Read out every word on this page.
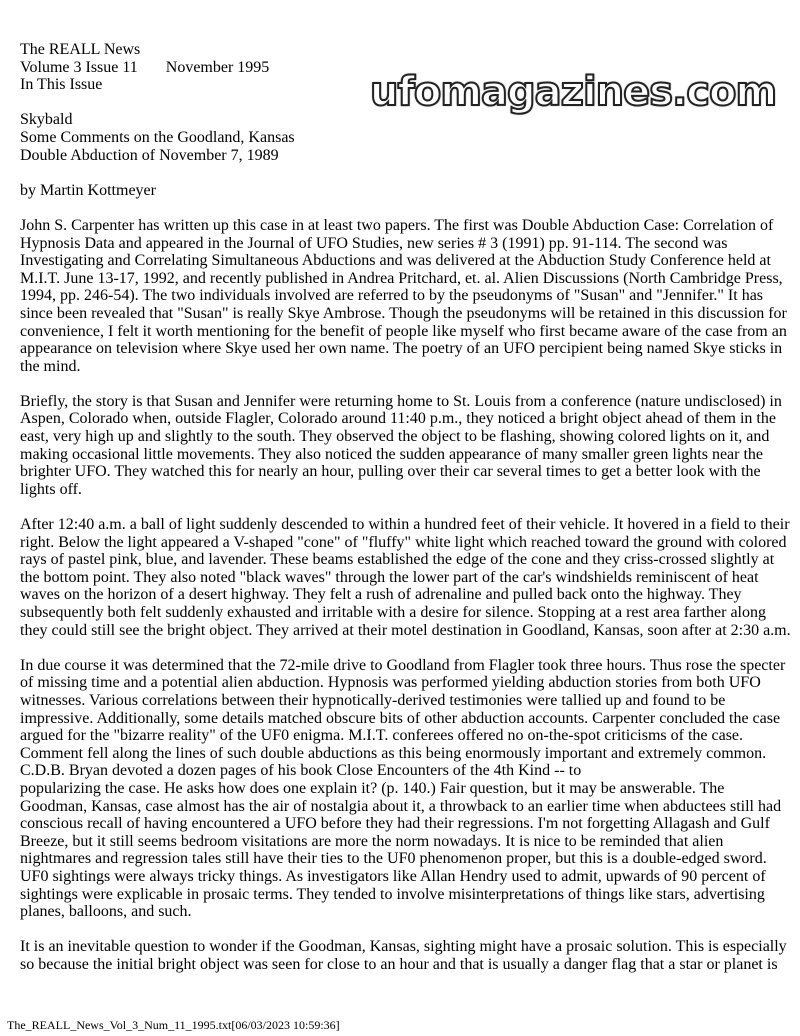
The REALL News
Volume 3 Issue 11       November 1995
In This Issue
Skybald
Some Comments on the Goodland, Kansas
Double Abduction of November 7, 1989
by Martin Kottmeyer
John S. Carpenter has written up this case in at least two papers. The first was Double Abduction Case: Correlation of
Hypnosis Data and appeared in the Journal of UFO Studies, new series # 3 (1991) pp. 91-114. The second was
Investigating and Correlating Simultaneous Abductions and was delivered at the Abduction Study Conference held at
M.I.T. June 13-17, 1992, and recently published in Andrea Pritchard, et. al. Alien Discussions (North Cambridge Press,
1994, pp. 246-54). The two individuals involved are referred to by the pseudonyms of "Susan" and "Jennifer." It has
since been revealed that "Susan" is really Skye Ambrose. Though the pseudonyms will be retained in this discussion for
convenience, I felt it worth mentioning for the benefit of people like myself who first became aware of the case from an
appearance on television where Skye used her own name. The poetry of an UFO percipient being named Skye sticks in
the mind.
Briefly, the story is that Susan and Jennifer were returning home to St. Louis from a conference (nature undisclosed) in
Aspen, Colorado when, outside Flagler, Colorado around 11:40 p.m., they noticed a bright object ahead of them in the
east, very high up and slightly to the south. They observed the object to be flashing, showing colored lights on it, and
making occasional little movements. They also noticed the sudden appearance of many smaller green lights near the
brighter UFO. They watched this for nearly an hour, pulling over their car several times to get a better look with the
lights off.
After 12:40 a.m. a ball of light suddenly descended to within a hundred feet of their vehicle. It hovered in a field to their
right. Below the light appeared a V-shaped "cone" of "fluffy" white light which reached toward the ground with colored
rays of pastel pink, blue, and lavender. These beams established the edge of the cone and they criss-crossed slightly at
the bottom point. They also noted "black waves" through the lower part of the car's windshields reminiscent of heat
waves on the horizon of a desert highway. They felt a rush of adrenaline and pulled back onto the highway. They
subsequently both felt suddenly exhausted and irritable with a desire for silence. Stopping at a rest area farther along
they could still see the bright object. They arrived at their motel destination in Goodland, Kansas, soon after at 2:30 a.m.
In due course it was determined that the 72-mile drive to Goodland from Flagler took three hours. Thus rose the specter
of missing time and a potential alien abduction. Hypnosis was performed yielding abduction stories from both UFO
witnesses. Various correlations between their hypnotically-derived testimonies were tallied up and found to be
impressive. Additionally, some details matched obscure bits of other abduction accounts. Carpenter concluded the case
argued for the "bizarre reality" of the UF0 enigma. M.I.T. conferees offered no on-the-spot criticisms of the case.
Comment fell along the lines of such double abductions as this being enormously important and extremely common.
C.D.B. Bryan devoted a dozen pages of his book Close Encounters of the 4th Kind -- to
popularizing the case. He asks how does one explain it? (p. 140.) Fair question, but it may be answerable. The
Goodman, Kansas, case almost has the air of nostalgia about it, a throwback to an earlier time when abductees still had
conscious recall of having encountered a UFO before they had their regressions. I'm not forgetting Allagash and Gulf
Breeze, but it still seems bedroom visitations are more the norm nowadays. It is nice to be reminded that alien
nightmares and regression tales still have their ties to the UF0 phenomenon proper, but this is a double-edged sword.
UF0 sightings were always tricky things. As investigators like Allan Hendry used to admit, upwards of 90 percent of
sightings were explicable in prosaic terms. They tended to involve misinterpretations of things like stars, advertising
planes, balloons, and such.
It is an inevitable question to wonder if the Goodman, Kansas, sighting might have a prosaic solution. This is especially
so because the initial bright object was seen for close to an hour and that is usually a danger flag that a star or planet is
ufomagazines.com
The_REALL_News_Vol_3_Num_11_1995.txt[06/03/2023 10:59:36]
